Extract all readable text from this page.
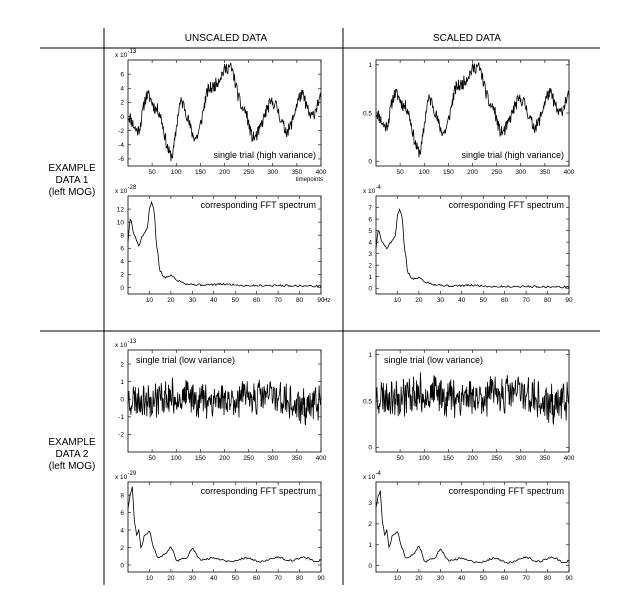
UNSCALED DATA	SCALED DATA
EXAMPLE
DATA 1
(left MOG)
EXAMPLE
DATA 2
(left MOG)
50 100 150 200 250 300 350 400
-6
-4
-2
0
2
4
6
x 10 -13
timepoints
single trial (high variance)
10 20 30 40 50 60 70 80 90
0
2
4
6
8
10
12
x 10 -28
Hz
corresponding FFT spectrum
50 100 150 200 250 300 350 400
0
0.5
1
single trial (high variance)
10 20 30 40 50 60 70 80 90
0
1
2
3
4
5
6
7
x 10 -4
corresponding FFT spectrum
50 100 150 200 250 300 350 400
-2
-1
0
1
2
x 10 -13
single trial (low variance)
10 20 30 40 50 60 70 80 90
0
2
4
6
8
x 10 -29
corresponding FFT spectrum
50 100 150 200 250 300 350 400
0
0.5
1 single trial (low variance)
10 20 30 40 50 60 70 80 90
0
1
2
3
x 10 -4
corresponding FFT spectrum
